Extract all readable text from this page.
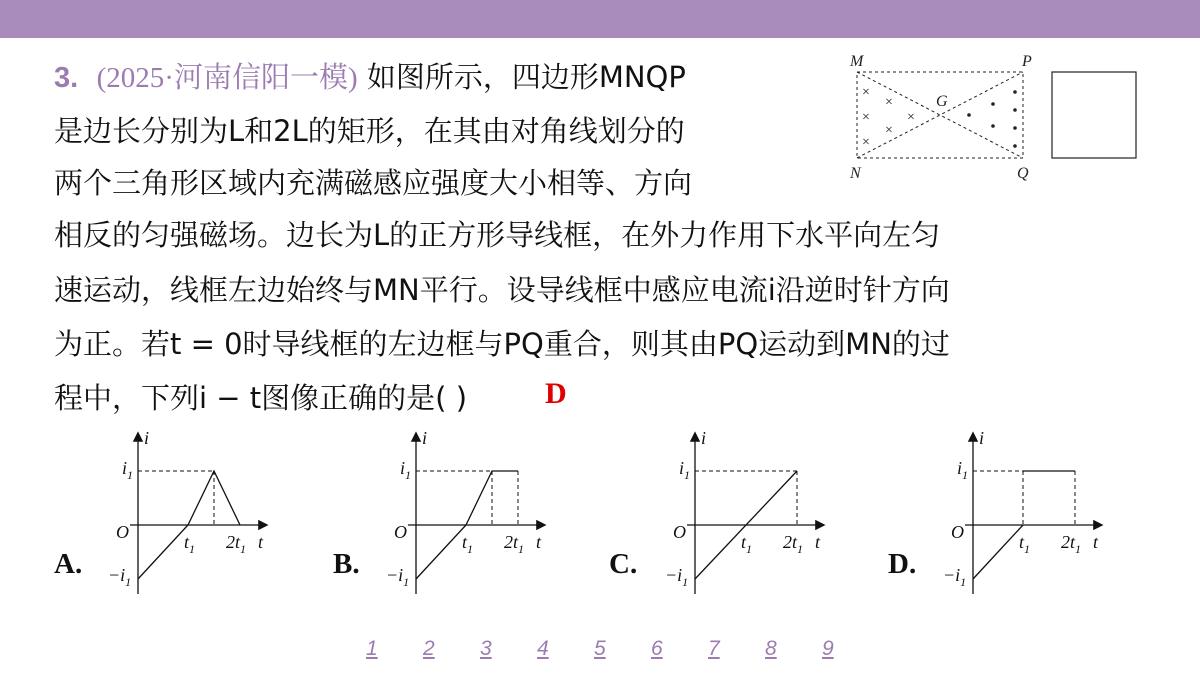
3. (2025·河南信阳一模) 如图所示，四边形MNQP
是边长分别为L和2L的矩形，在其由对角线划分的
两个三角形区域内充满磁感应强度大小相等、方向
相反的匀强磁场。边长为L的正方形导线框，在外力作用下水平向左匀
速运动，线框左边始终与MN平行。设导线框中感应电流i沿逆时针方向
为正。若t = 0时导线框的左边框与PQ重合，则其由PQ运动到MN的过
程中，下列i − t图像正确的是( )	D
×
×
×
×
×
×
M
N
P
Q
G
A.	B.	C.	D.
i
t
O
$i_1$
$-i_1$
$t_1$ $2t_1$
i
t
O
$i_1$
$-i_1$
$t_1$ $2t_1$
i
t
O
$i_1$
$-i_1$
$t_1$ $2t_1$
i
t
O
$i_1$
$-i_1$
$t_1$ $2t_1$
1 2 3 4 5 6 7 8 9
